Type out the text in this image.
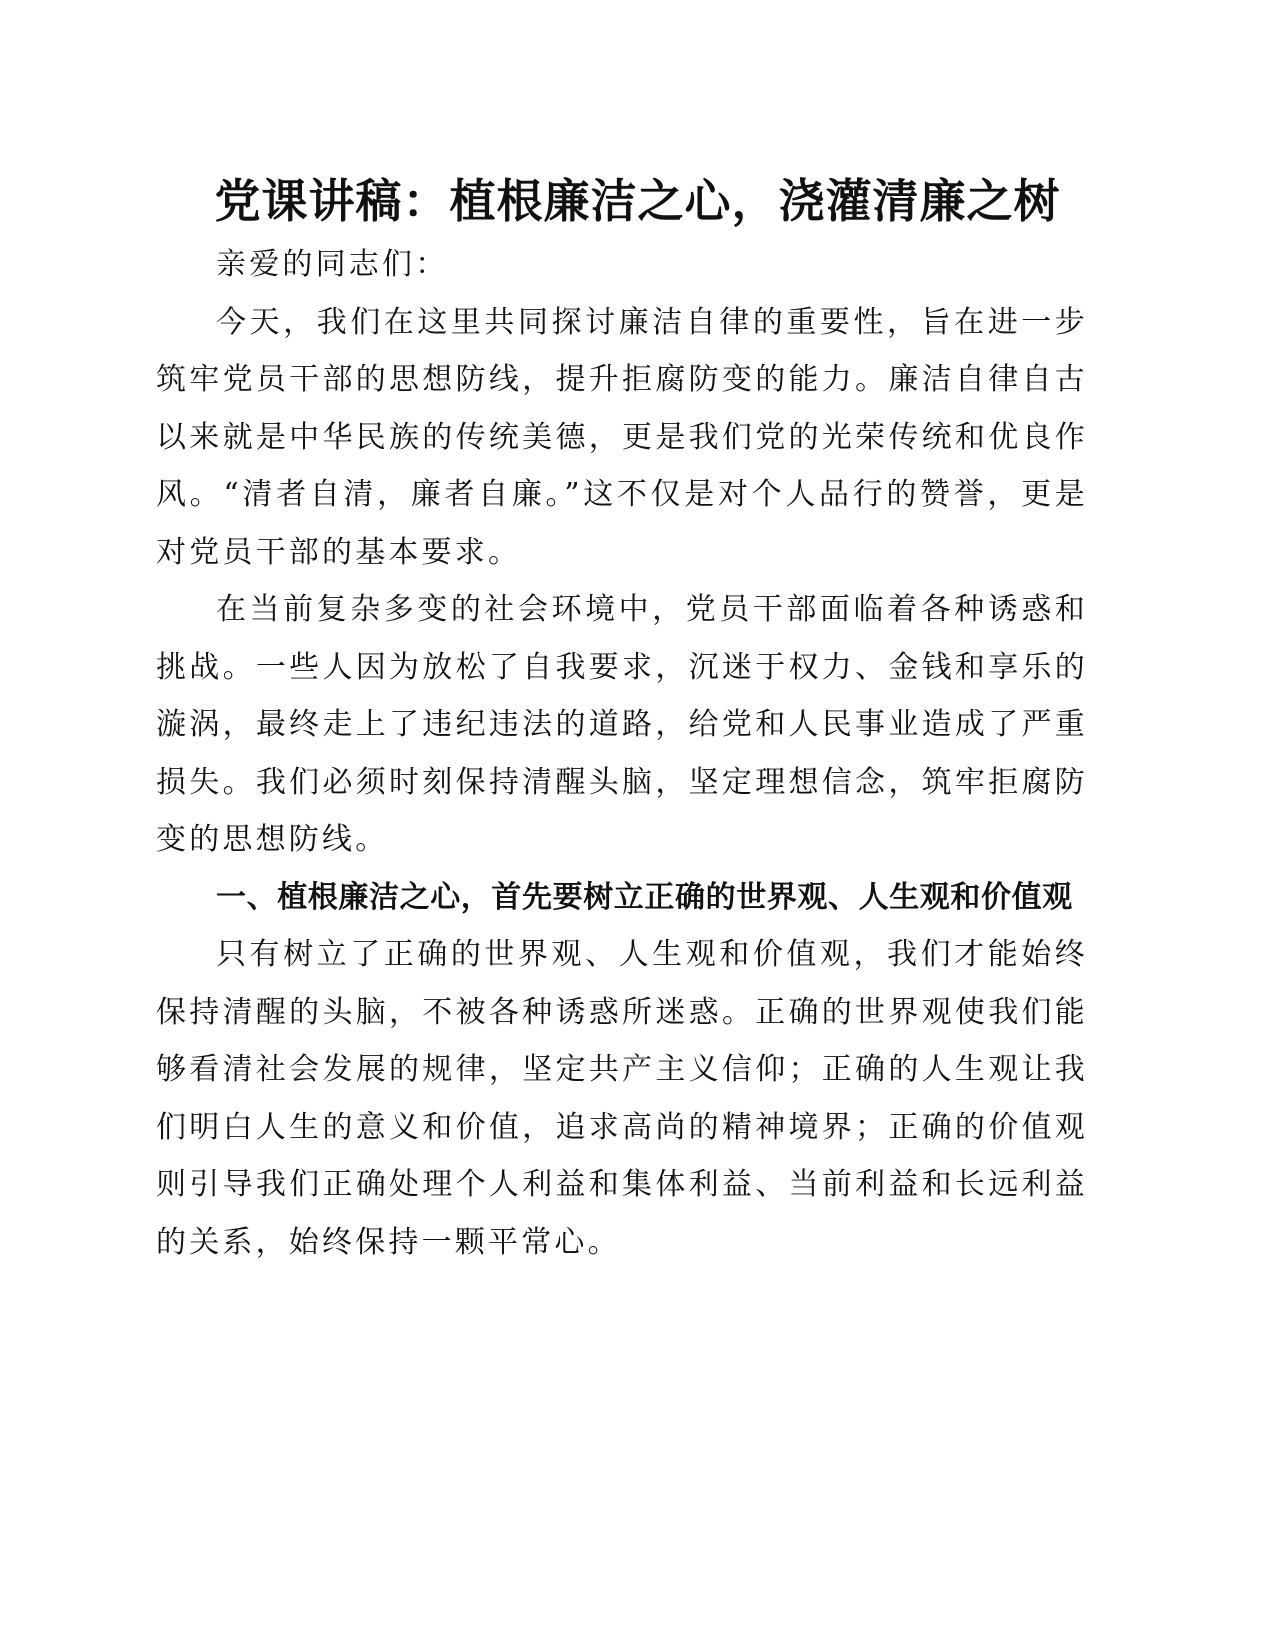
党课讲稿：植根廉洁之心，浇灌清廉之树

亲爱的同志们：

今天，我们在这里共同探讨廉洁自律的重要性，旨在进一步筑牢党员干部的思想防线，提升拒腐防变的能力。廉洁自律自古以来就是中华民族的传统美德，更是我们党的光荣传统和优良作风。“清者自清，廉者自廉。”这不仅是对个人品行的赞誉，更是对党员干部的基本要求。

在当前复杂多变的社会环境中，党员干部面临着各种诱惑和挑战。一些人因为放松了自我要求，沉迷于权力、金钱和享乐的漩涡，最终走上了违纪违法的道路，给党和人民事业造成了严重损失。我们必须时刻保持清醒头脑，坚定理想信念，筑牢拒腐防变的思想防线。

一、植根廉洁之心，首先要树立正确的世界观、人生观和价值观

只有树立了正确的世界观、人生观和价值观，我们才能始终保持清醒的头脑，不被各种诱惑所迷惑。正确的世界观使我们能够看清社会发展的规律，坚定共产主义信仰；正确的人生观让我们明白人生的意义和价值，追求高尚的精神境界；正确的价值观则引导我们正确处理个人利益和集体利益、当前利益和长远利益的关系，始终保持一颗平常心。
